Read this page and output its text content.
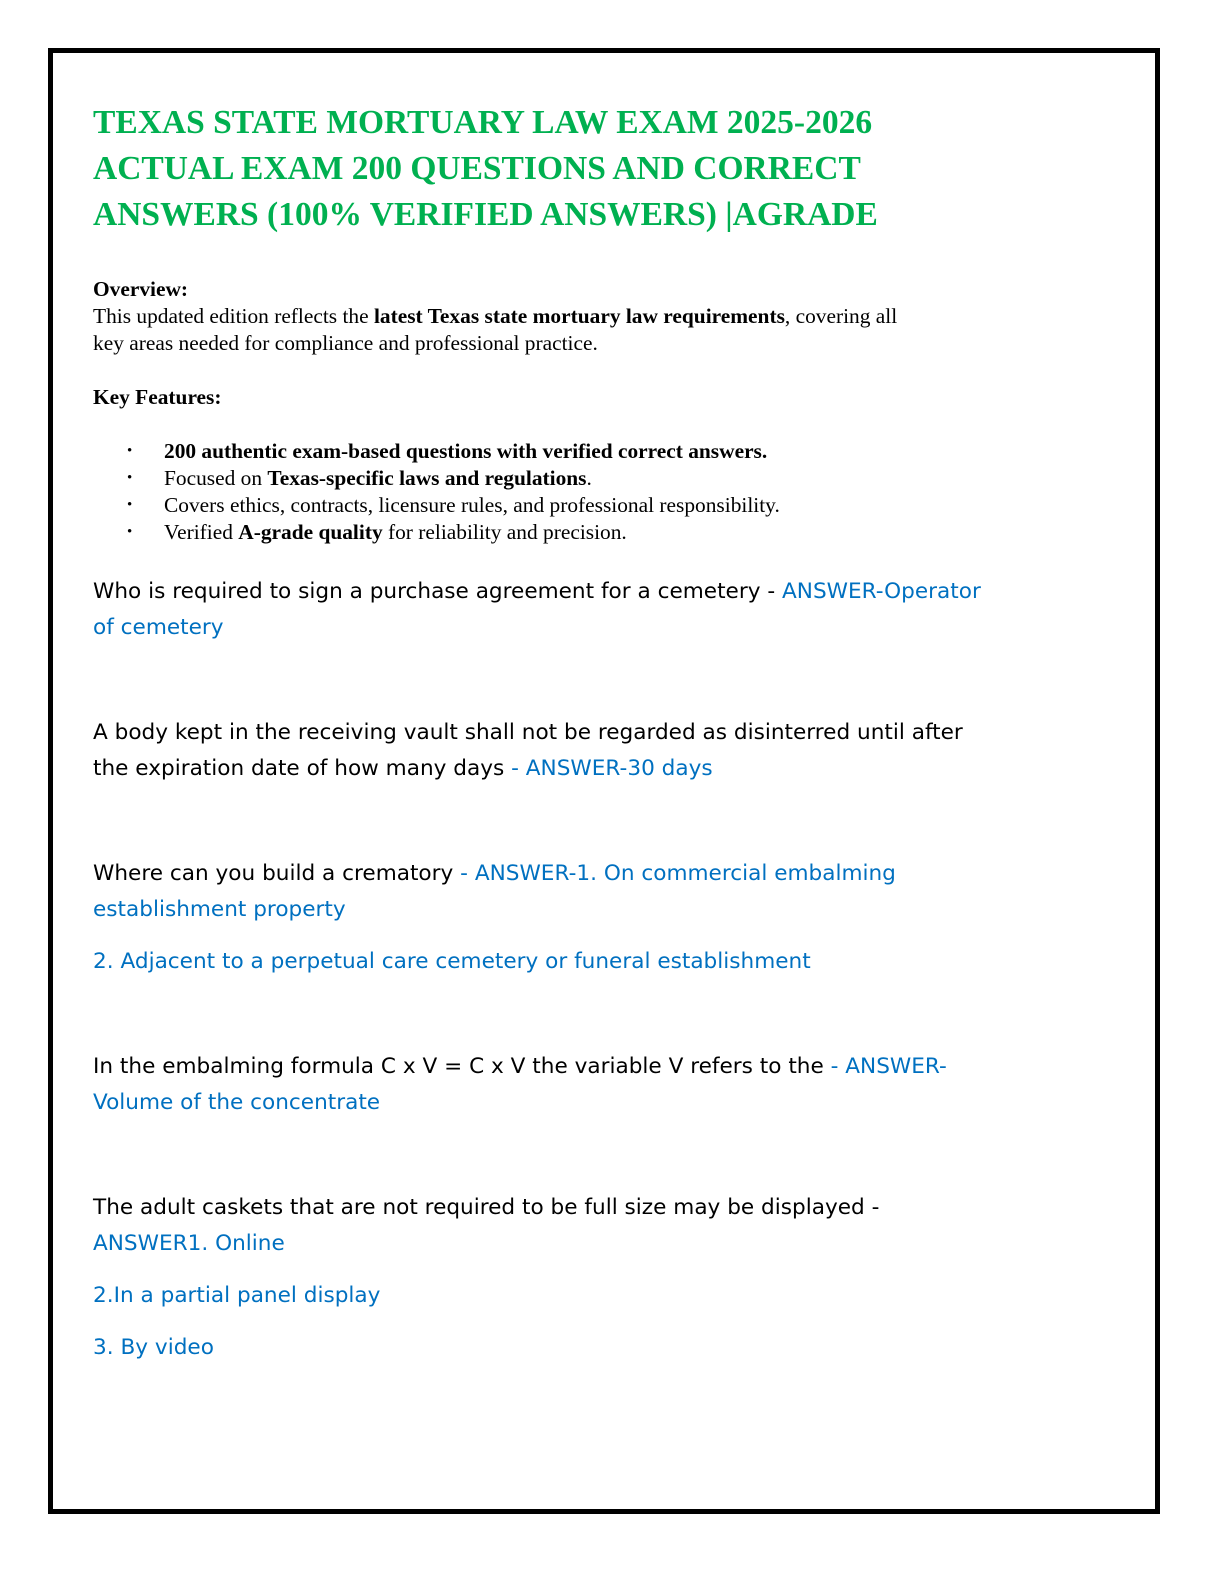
TEXAS STATE MORTUARY LAW EXAM 2025-2026
ACTUAL EXAM 200 QUESTIONS AND CORRECT
ANSWERS (100% VERIFIED ANSWERS) |AGRADE

Overview:

This updated edition reflects the latest Texas state mortuary law requirements, covering all
key areas needed for compliance and professional practice.

Key Features:

• 200 authentic exam-based questions with verified correct answers.
• Focused on Texas-specific laws and regulations.
• Covers ethics, contracts, licensure rules, and professional responsibility.
• Verified A-grade quality for reliability and precision.

Who is required to sign a purchase agreement for a cemetery - ANSWER-Operator
of cemetery

A body kept in the receiving vault shall not be regarded as disinterred until after
the expiration date of how many days - ANSWER-30 days

Where can you build a crematory - ANSWER-1. On commercial embalming
establishment property

2. Adjacent to a perpetual care cemetery or funeral establishment

In the embalming formula C x V = C x V the variable V refers to the - ANSWER-
Volume of the concentrate

The adult caskets that are not required to be full size may be displayed -
ANSWER1. Online

2.In a partial panel display

3. By video
